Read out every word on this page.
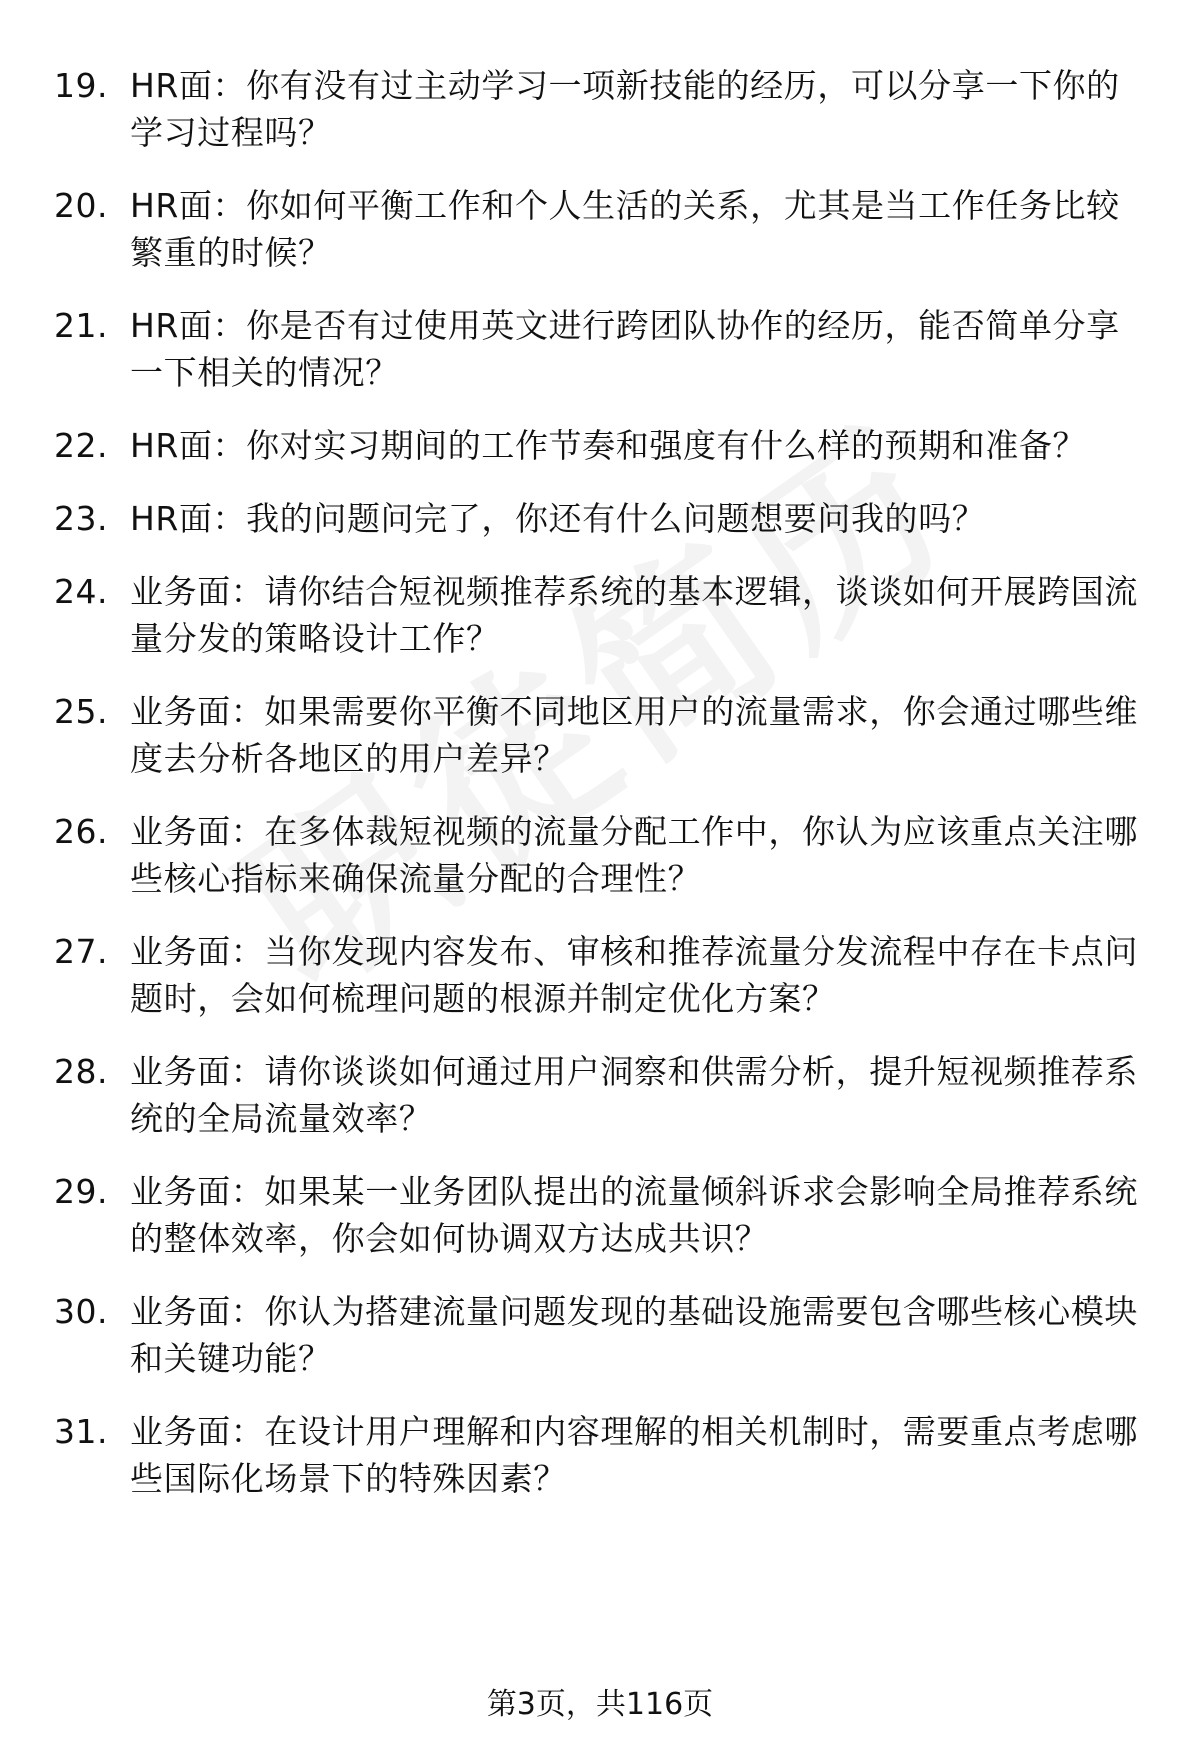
19. HR面：你有没有过主动学习一项新技能的经历，可以分享一下你的学习过程吗？
20. HR面：你如何平衡工作和个人生活的关系，尤其是当工作任务比较繁重的时候？
21. HR面：你是否有过使用英文进行跨团队协作的经历，能否简单分享一下相关的情况？
22. HR面：你对实习期间的工作节奏和强度有什么样的预期和准备？
23. HR面：我的问题问完了，你还有什么问题想要问我的吗？
24. 业务面：请你结合短视频推荐系统的基本逻辑，谈谈如何开展跨国流量分发的策略设计工作？
25. 业务面：如果需要你平衡不同地区用户的流量需求，你会通过哪些维度去分析各地区的用户差异？
26. 业务面：在多体裁短视频的流量分配工作中，你认为应该重点关注哪些核心指标来确保流量分配的合理性？
27. 业务面：当你发现内容发布、审核和推荐流量分发流程中存在卡点问题时，会如何梳理问题的根源并制定优化方案？
28. 业务面：请你谈谈如何通过用户洞察和供需分析，提升短视频推荐系统的全局流量效率？
29. 业务面：如果某一业务团队提出的流量倾斜诉求会影响全局推荐系统的整体效率，你会如何协调双方达成共识？
30. 业务面：你认为搭建流量问题发现的基础设施需要包含哪些核心模块和关键功能？
31. 业务面：在设计用户理解和内容理解的相关机制时，需要重点考虑哪些国际化场景下的特殊因素？
第3页，共116页
